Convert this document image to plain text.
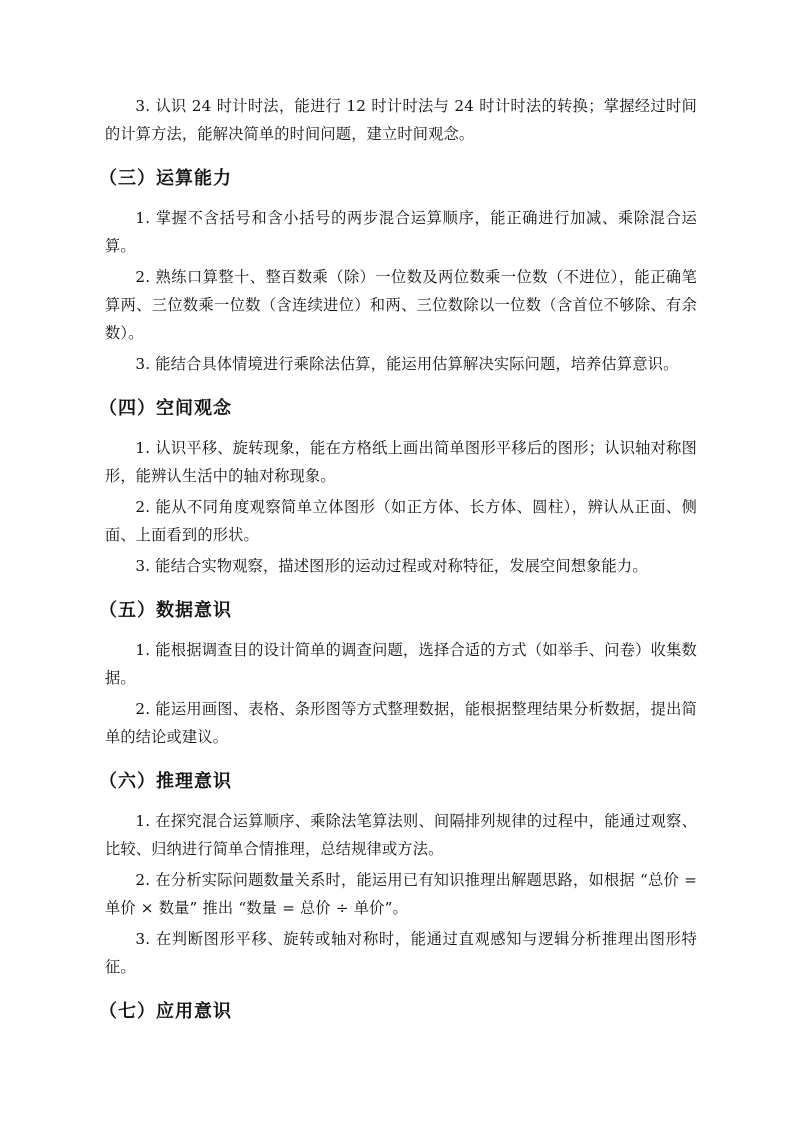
3. 认识 24 时计时法，能进行 12 时计时法与 24 时计时法的转换；掌握经过时间的计算方法，能解决简单的时间问题，建立时间观念。

（三）运算能力

1. 掌握不含括号和含小括号的两步混合运算顺序，能正确进行加减、乘除混合运算。

2. 熟练口算整十、整百数乘（除）一位数及两位数乘一位数（不进位），能正确笔算两、三位数乘一位数（含连续进位）和两、三位数除以一位数（含首位不够除、有余数）。

3. 能结合具体情境进行乘除法估算，能运用估算解决实际问题，培养估算意识。

（四）空间观念

1. 认识平移、旋转现象，能在方格纸上画出简单图形平移后的图形；认识轴对称图形，能辨认生活中的轴对称现象。

2. 能从不同角度观察简单立体图形（如正方体、长方体、圆柱），辨认从正面、侧面、上面看到的形状。

3. 能结合实物观察，描述图形的运动过程或对称特征，发展空间想象能力。

（五）数据意识

1. 能根据调查目的设计简单的调查问题，选择合适的方式（如举手、问卷）收集数据。

2. 能运用画图、表格、条形图等方式整理数据，能根据整理结果分析数据，提出简单的结论或建议。

（六）推理意识

1. 在探究混合运算顺序、乘除法笔算法则、间隔排列规律的过程中，能通过观察、比较、归纳进行简单合情推理，总结规律或方法。

2. 在分析实际问题数量关系时，能运用已有知识推理出解题思路，如根据 “总价 = 单价 × 数量” 推出 “数量 = 总价 ÷ 单价”。

3. 在判断图形平移、旋转或轴对称时，能通过直观感知与逻辑分析推理出图形特征。

（七）应用意识
